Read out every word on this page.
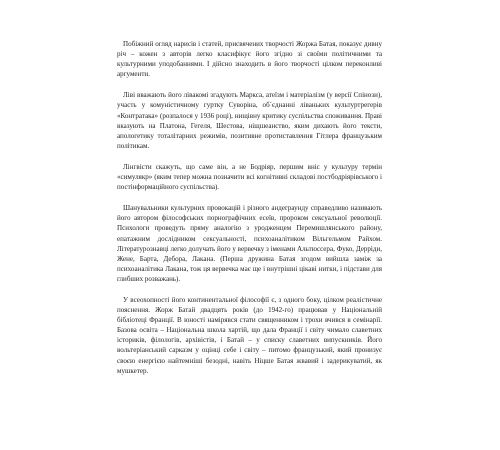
Побіжний огляд нарисів і статей, присвячених творчості Жоржа Батая, показує дивну річ – кожен з авторів легко класифікує його згідно зі своїми політичними та культурними уподобаннями. І дійсно знаходить в його творчості цілком переконливі аргументи.

Ліві вважають його лівакомі згадують Маркса, атеїзм і матеріалізм (у версії Спінози), участь у комуністичному гуртку Суворіна, об`єднанні ліваньких культуртрегерів «Контратака» (розпалося у 1936 році), нищівну критику суспільства споживання. Праві вказують на Платона, Гегеля, Шестова, ніщшеанство, яким дихають його тексти, апологетику тоталітарних режимів, позитивне протиставлення Гітлера французьким політикам.

Лінгвісти скажуть, що саме він, а не Бодріяр, першим вніс у культуру термін «симулякр» (яким тепер можна позначити всі когнітивні складові постбодріярівського і постінформаційного суспільства).

Шанувальники культурних провокацій і різного андеграунду справедливо називають його автором філософських порнографічних есеїв, пророком сексуальної революції. Психологи проведуть пряму аналогію з уродженцем Перемишлянського району, епатажним дослідником сексуальності, психоаналітиком Вільгельмом Райхом. Літературознавці легко долучать його у вервечку з іменами Альтюссера, Фуко, Дерріди, Жене, Барта, Дебора, Лакана. (Перша дружина Батая згодом вийшла заміж за психоаналітика Лакана, тож ця вервечка має ще і внутрішні цікаві нитки, і підстави для глибших розважань).

У всеохопності його континентальної філософії є, з одного боку, цілком реалістичне пояснення. Жорж Батай двадцять років (до 1942-го) працював у Національній бібліотеці Франції. В юності намірявся стати священником і трохи вчився в семінарії. Базова освіта – Національна школа хартій, що дала Франції і світу чимало славетних істориків, філологів, архівістів, і Батай – у списку славетних випускників. Його вольтеріанський сарказм у оцінці себе і світу – питомо французький, який пронизує своєю енергією найтемніші безодні, навіть Ніцше Батая жвавий і задерикуватий, як мушкетер.
